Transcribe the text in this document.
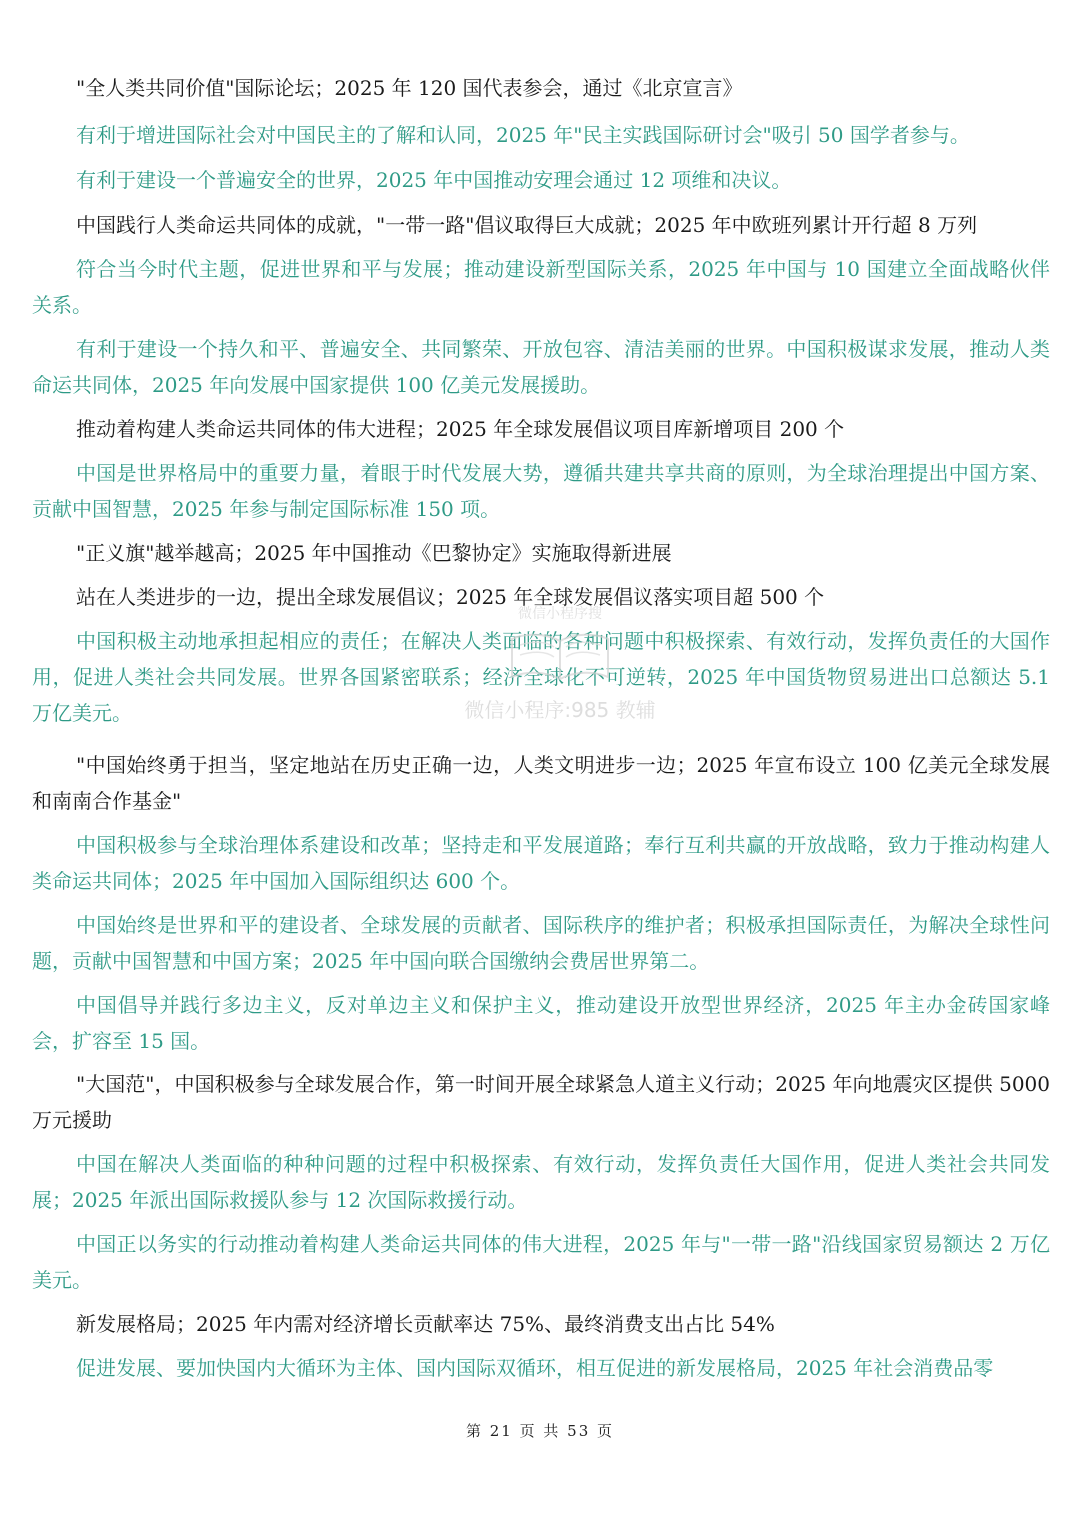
"全人类共同价值"国际论坛；2025 年 120 国代表参会，通过《北京宣言》

有利于增进国际社会对中国民主的了解和认同，2025 年"民主实践国际研讨会"吸引 50 国学者参与。

有利于建设一个普遍安全的世界，2025 年中国推动安理会通过 12 项维和决议。

中国践行人类命运共同体的成就，"一带一路"倡议取得巨大成就；2025 年中欧班列累计开行超 8 万列

符合当今时代主题，促进世界和平与发展；推动建设新型国际关系，2025 年中国与 10 国建立全面战略伙伴关系。

有利于建设一个持久和平、普遍安全、共同繁荣、开放包容、清洁美丽的世界。中国积极谋求发展，推动人类命运共同体，2025 年向发展中国家提供 100 亿美元发展援助。

推动着构建人类命运共同体的伟大进程；2025 年全球发展倡议项目库新增项目 200 个

中国是世界格局中的重要力量，着眼于时代发展大势，遵循共建共享共商的原则，为全球治理提出中国方案、贡献中国智慧，2025 年参与制定国际标准 150 项。

"正义旗"越举越高；2025 年中国推动《巴黎协定》实施取得新进展

站在人类进步的一边，提出全球发展倡议；2025 年全球发展倡议落实项目超 500 个

中国积极主动地承担起相应的责任；在解决人类面临的各种问题中积极探索、有效行动，发挥负责任的大国作用，促进人类社会共同发展。世界各国紧密联系；经济全球化不可逆转，2025 年中国货物贸易进出口总额达 5.1 万亿美元。

"中国始终勇于担当，坚定地站在历史正确一边，人类文明进步一边；2025 年宣布设立 100 亿美元全球发展和南南合作基金"

中国积极参与全球治理体系建设和改革；坚持走和平发展道路；奉行互利共赢的开放战略，致力于推动构建人类命运共同体；2025 年中国加入国际组织达 600 个。

中国始终是世界和平的建设者、全球发展的贡献者、国际秩序的维护者；积极承担国际责任，为解决全球性问题，贡献中国智慧和中国方案；2025 年中国向联合国缴纳会费居世界第二。

中国倡导并践行多边主义，反对单边主义和保护主义，推动建设开放型世界经济，2025 年主办金砖国家峰会，扩容至 15 国。

"大国范"，中国积极参与全球发展合作，第一时间开展全球紧急人道主义行动；2025 年向地震灾区提供 5000 万元援助

中国在解决人类面临的种种问题的过程中积极探索、有效行动，发挥负责任大国作用，促进人类社会共同发展；2025 年派出国际救援队参与 12 次国际救援行动。

中国正以务实的行动推动着构建人类命运共同体的伟大进程，2025 年与"一带一路"沿线国家贸易额达 2 万亿美元。

新发展格局；2025 年内需对经济增长贡献率达 75%、最终消费支出占比 54%

促进发展、要加快国内大循环为主体、国内国际双循环，相互促进的新发展格局，2025 年社会消费品零

微信小程序搜
微信小程序:985 教辅
第 21 页 共 53 页
